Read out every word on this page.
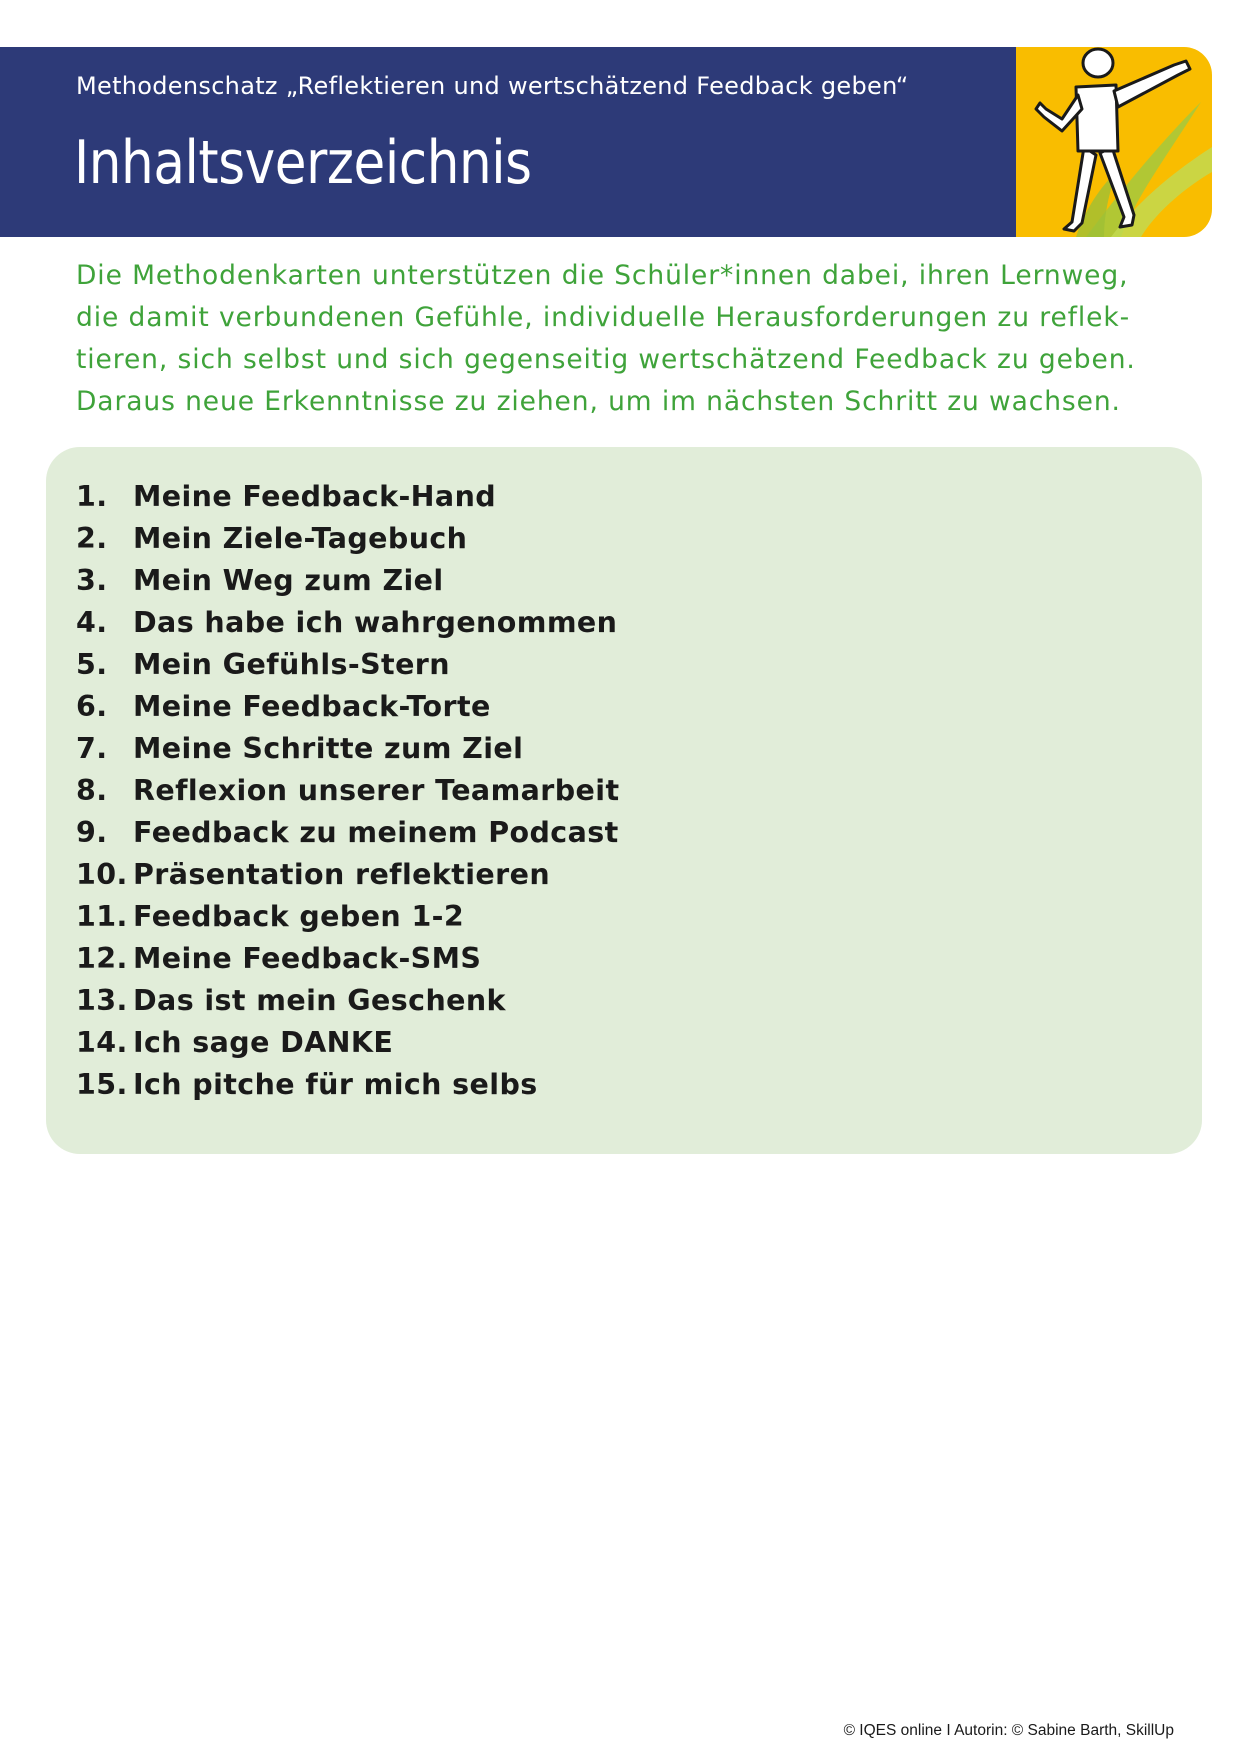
Methodenschatz „Reflektieren und wertschätzend Feedback geben“
Inhaltsverzeichnis

Die Methodenkarten unterstützen die Schüler*innen dabei, ihren Lernweg,
die damit verbundenen Gefühle, individuelle Herausforderungen zu reflek-
tieren, sich selbst und sich gegenseitig wertschätzend Feedback zu geben.
Daraus neue Erkenntnisse zu ziehen, um im nächsten Schritt zu wachsen.

1. Meine Feedback-Hand
2. Mein Ziele-Tagebuch
3. Mein Weg zum Ziel
4. Das habe ich wahrgenommen
5. Mein Gefühls-Stern
6. Meine Feedback-Torte
7. Meine Schritte zum Ziel
8. Reflexion unserer Teamarbeit
9. Feedback zu meinem Podcast
10. Präsentation reflektieren
11. Feedback geben 1-2
12. Meine Feedback-SMS
13. Das ist mein Geschenk
14. Ich sage DANKE
15. Ich pitche für mich selbs
© IQES online I Autorin: © Sabine Barth, SkillUp
